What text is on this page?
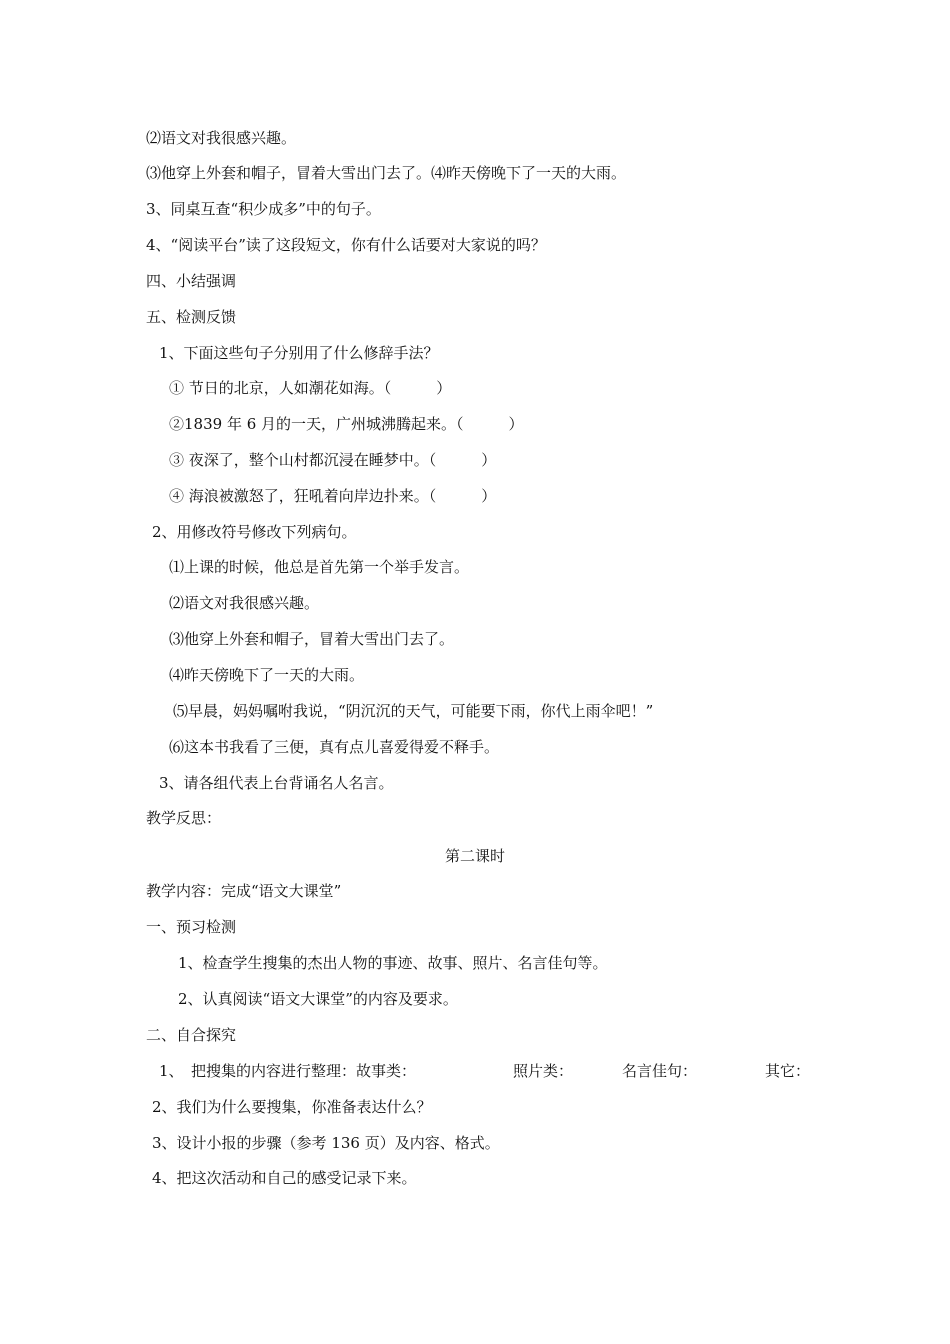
⑵语文对我很感兴趣。
⑶他穿上外套和帽子，冒着大雪出门去了。⑷昨天傍晚下了一天的大雨。
3、同桌互查“积少成多”中的句子。
4、“阅读平台”读了这段短文，你有什么话要对大家说的吗？
四、小结强调
五、检测反馈
1、下面这些句子分别用了什么修辞手法？
① 节日的北京，人如潮花如海。（　　　）
②1839 年 6 月的一天，广州城沸腾起来。（　　　）
③ 夜深了，整个山村都沉浸在睡梦中。（　　　）
④ 海浪被激怒了，狂吼着向岸边扑来。（　　　）
2、用修改符号修改下列病句。
⑴上课的时候，他总是首先第一个举手发言。
⑵语文对我很感兴趣。
⑶他穿上外套和帽子，冒着大雪出门去了。
⑷昨天傍晚下了一天的大雨。
⑸早晨，妈妈嘱咐我说，“阴沉沉的天气，可能要下雨，你代上雨伞吧！”
⑹这本书我看了三便，真有点儿喜爱得爱不释手。
3、请各组代表上台背诵名人名言。
教学反思：
第二课时
教学内容：完成“语文大课堂”
一、预习检测
1、检查学生搜集的杰出人物的事迹、故事、照片、名言佳句等。
2、认真阅读“语文大课堂”的内容及要求。
二、自合探究
1、　把搜集的内容进行整理：故事类：	照片类：	名言佳句：	其它：
2、我们为什么要搜集，你准备表达什么？
3、设计小报的步骤（参考 136 页）及内容、格式。
4、把这次活动和自己的感受记录下来。
